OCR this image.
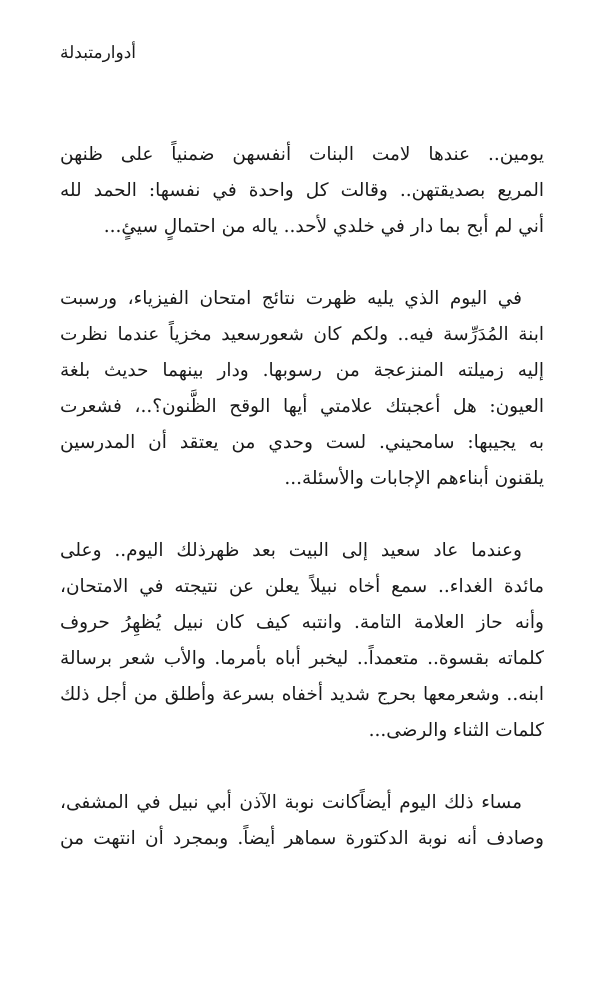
أدوارمتبدلة

يومين.. عندها لامت البنات أنفسهن ضمنياً على ظنهن
المريع بصديقتهن.. وقالت كل واحدة في نفسها: الحمد لله
أني لم أبح بما دار في خلدي لأحد.. ياله من احتمالٍ سيئٍ...

في اليوم الذي يليه ظهرت نتائج امتحان الفيزياء، ورسبت
ابنة المُدَرِّسة فيه.. ولكم كان شعورسعيد مخزياً عندما نظرت
إليه زميلته المنزعجة من رسوبها. ودار بينهما حديث بلغة
العيون: هل أعجبتك علامتي أيها الوقح الظَّنون؟..، فشعرت
به يجيبها: سامحيني. لست وحدي من يعتقد أن المدرسين
يلقنون أبناءهم الإجابات والأسئلة...

وعندما عاد سعيد إلى البيت بعد ظهرذلك اليوم.. وعلى
مائدة الغداء.. سمع أخاه نبيلاً يعلن عن نتيجته في الامتحان،
وأنه حاز العلامة التامة. وانتبه كيف كان نبيل يُظهِرُ حروف
كلماته بقسوة.. متعمداً.. ليخبر أباه بأمرما. والأب شعر برسالة
ابنه.. وشعرمعها بحرج شديد أخفاه بسرعة وأطلق من أجل ذلك
كلمات الثناء والرضى...

مساء ذلك اليوم أيضاًكانت نوبة الآذن أبي نبيل في المشفى،
وصادف أنه نوبة الدكتورة سماهر أيضاً. وبمجرد أن انتهت من
